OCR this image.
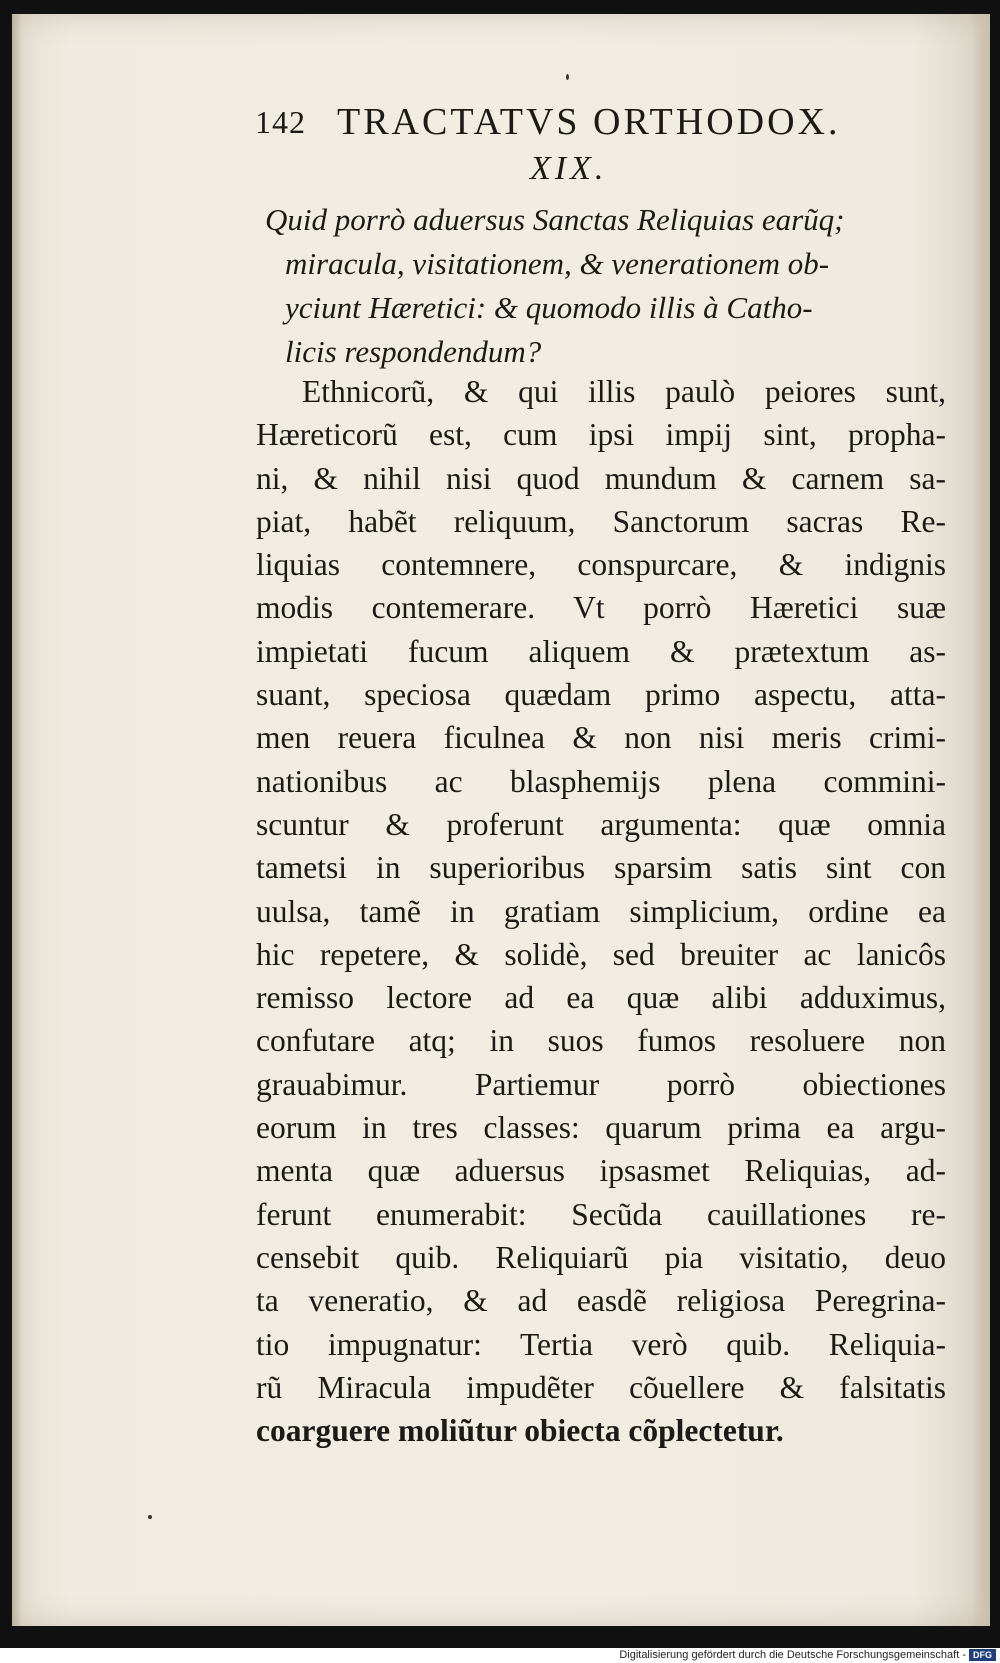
142 TRACTATVS ORTHODOX.
XIX.
Quid porrò aduersus Sanctas Reliquias earũq;
miracula, visitationem, & venerationem ob-
yciunt Hæretici: & quomodo illis à Catho-
licis respondendum?
Ethnicorũ, & qui illis paulò peiores sunt,
Hæreticorũ est, cum ipsi impij sint, propha-
ni, & nihil nisi quod mundum & carnem sa-
piat, habẽt reliquum, Sanctorum sacras Re-
liquias contemnere, conspurcare, & indignis
modis contemerare. Vt porrò Hæretici suæ
impietati fucum aliquem & prætextum as-
suant, speciosa quædam primo aspectu, atta-
men reuera ficulnea & non nisi meris crimi-
nationibus ac blasphemijs plena commini-
scuntur & proferunt argumenta: quæ omnia
tametsi in superioribus sparsim satis sint con
uulsa, tamẽ in gratiam simplicium, ordine ea
hic repetere, & solidè, sed breuiter ac lanicôs
remisso lectore ad ea quæ alibi adduximus,
confutare atq; in suos fumos resoluere non
grauabimur. Partiemur porrò obiectiones
eorum in tres classes: quarum prima ea argu-
menta quæ aduersus ipsasmet Reliquias, ad-
ferunt enumerabit: Secũda cauillationes re-
censebit quib. Reliquiarũ pia visitatio, deuo
ta veneratio, & ad easdẽ religiosa Peregrina-
tio impugnatur: Tertia verò quib. Reliquia-
rũ Miracula impudẽter cõuellere & falsitatis
coarguere moliũtur obiecta cõplectetur.
Digitalisierung gefördert durch die Deutsche Forschungsgemeinschaft - DFG
